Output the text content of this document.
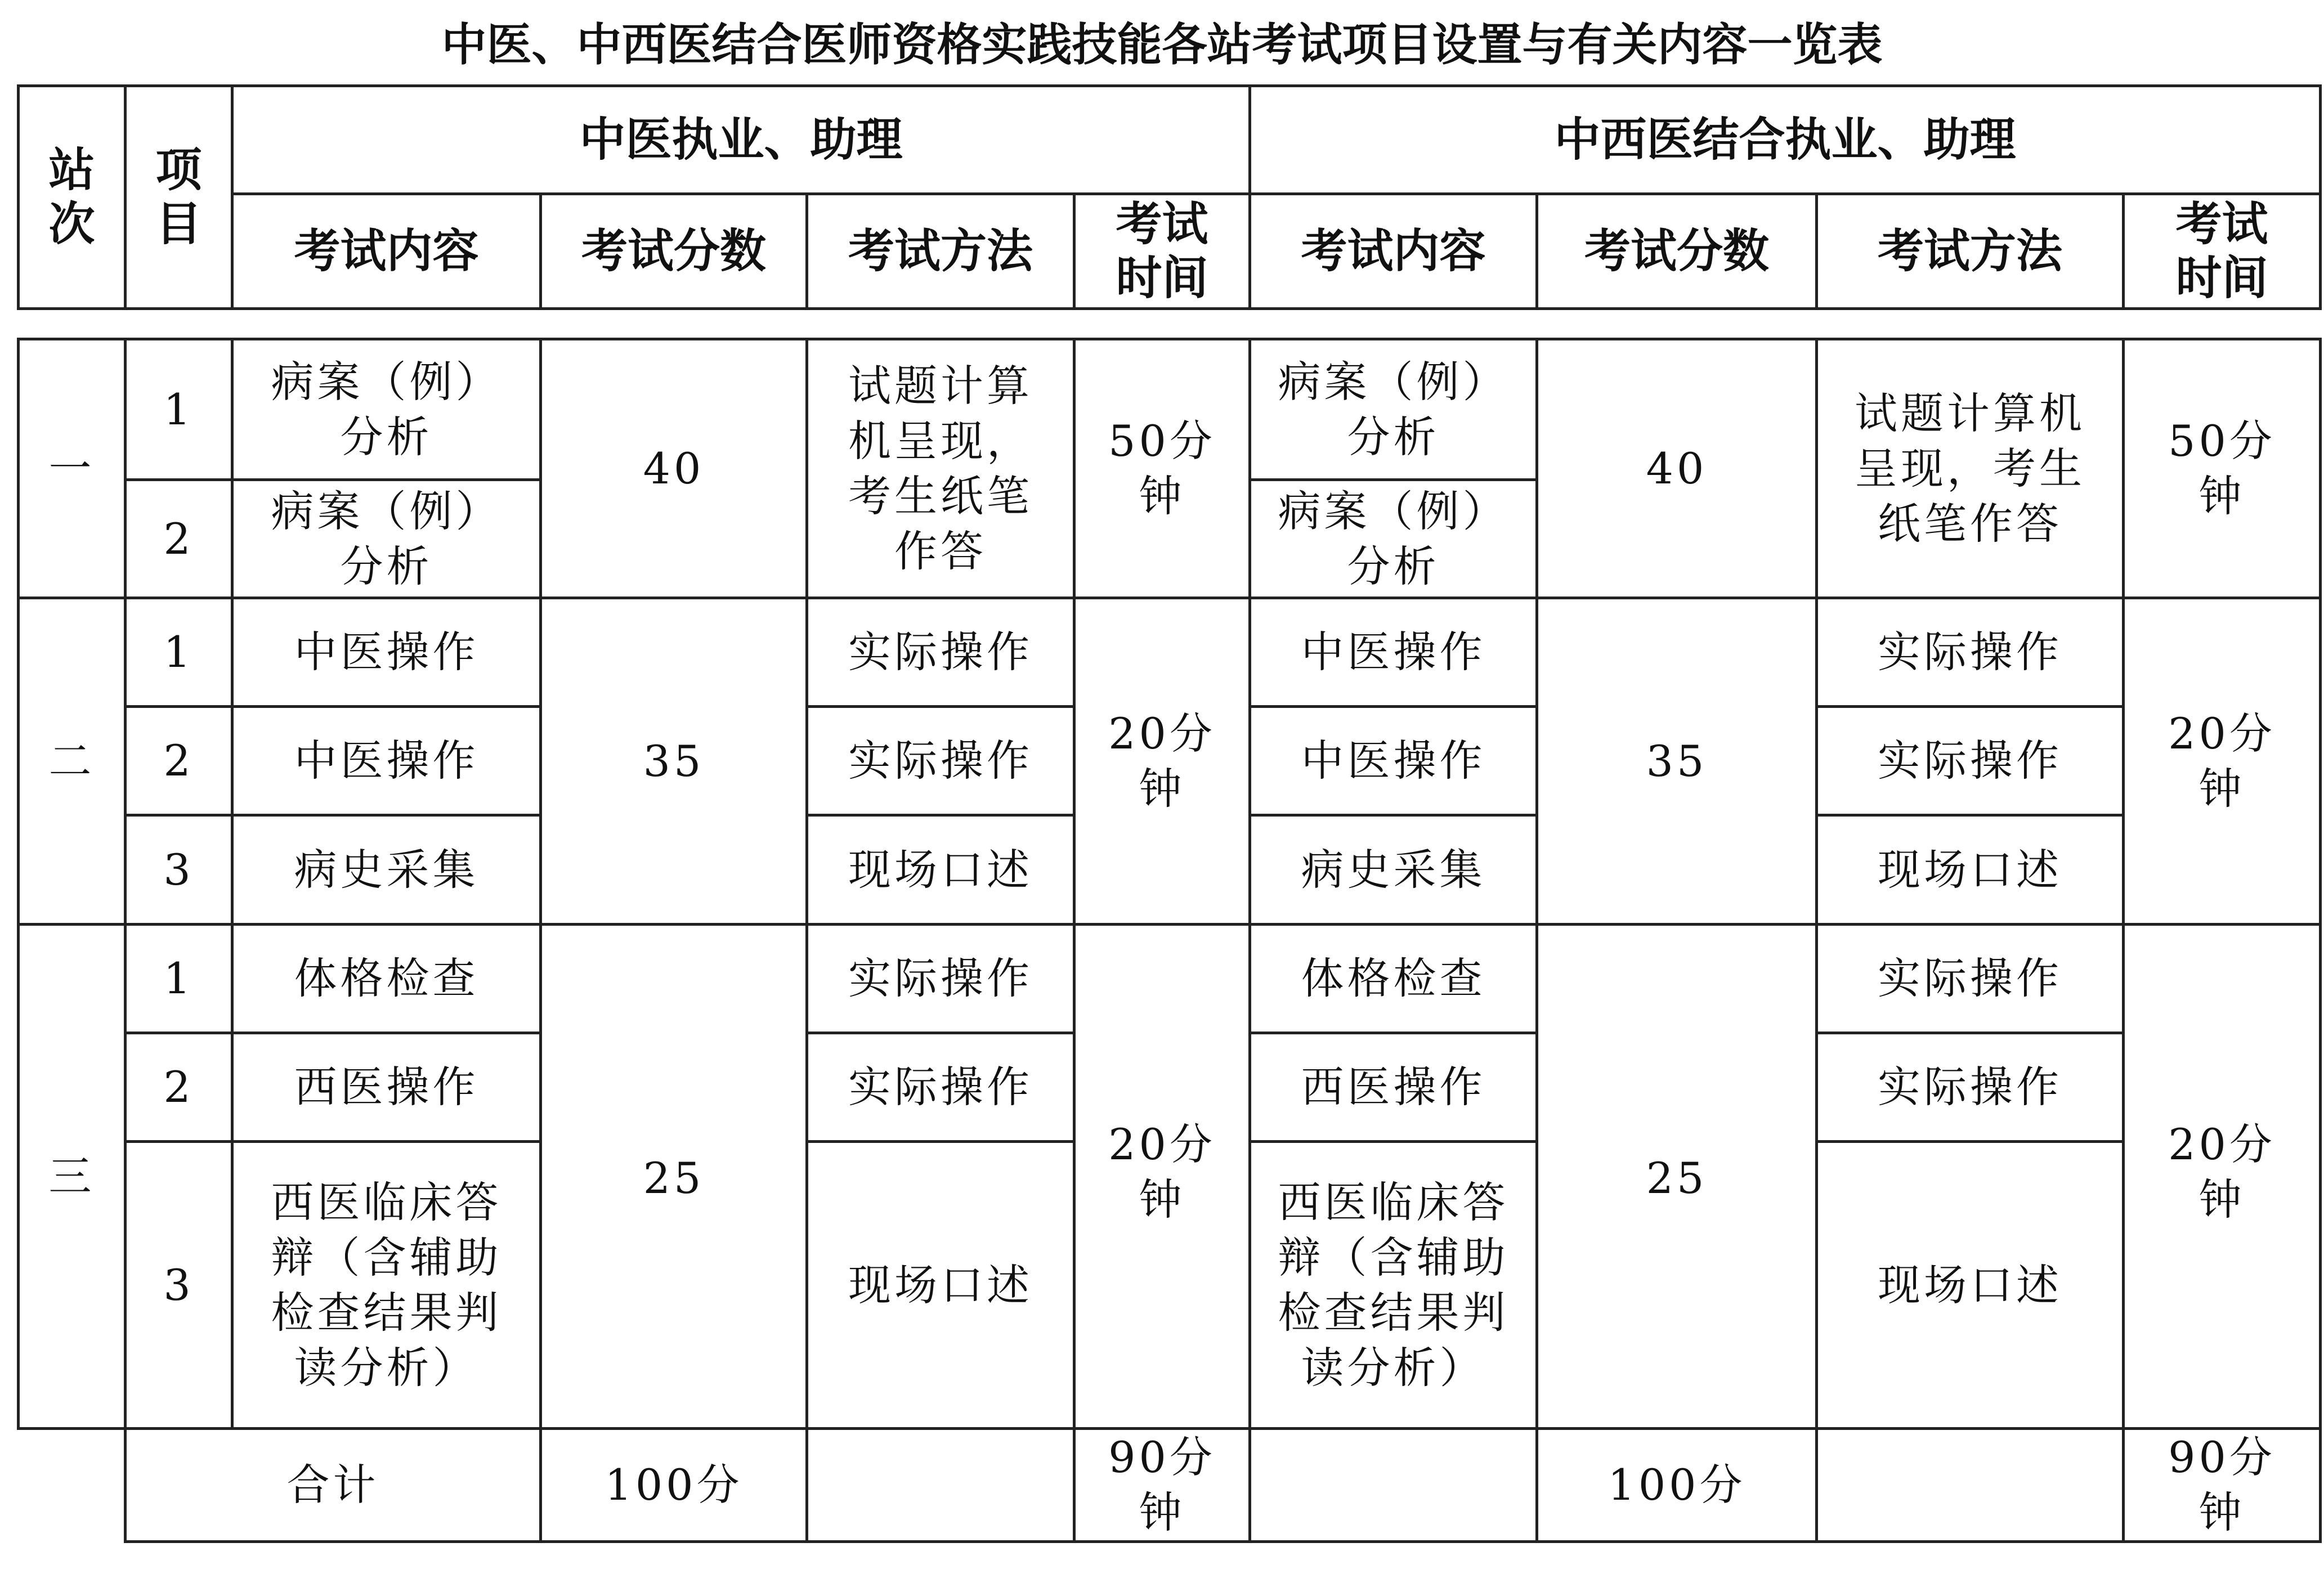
中医、中西医结合医师资格实践技能各站考试项目设置与有关内容一览表
站次	项目	中医执业、助理				中西医结合执业、助理			
		考试内容	考试分数	考试方法	考试时间	考试内容	考试分数	考试方法	考试时间
一	1	病案（例）分析	40	试题计算机呈现，考生纸笔作答	50分钟	病案（例）分析	40	试题计算机呈现，考生纸笔作答	50分钟
	2	病案（例）分析				病案（例）分析			
二	1	中医操作	35	实际操作	20分钟	中医操作	35	实际操作	20分钟
	2	中医操作		实际操作		中医操作		实际操作	
	3	病史采集		现场口述		病史采集		现场口述	
三	1	体格检查	25	实际操作	20分钟	体格检查	25	实际操作	20分钟
	2	西医操作		实际操作		西医操作		实际操作	
	3	西医临床答辩（含辅助检查结果判读分析）		现场口述		西医临床答辩（含辅助检查结果判读分析）		现场口述	
	合计		100分		90分钟		100分		90分钟
